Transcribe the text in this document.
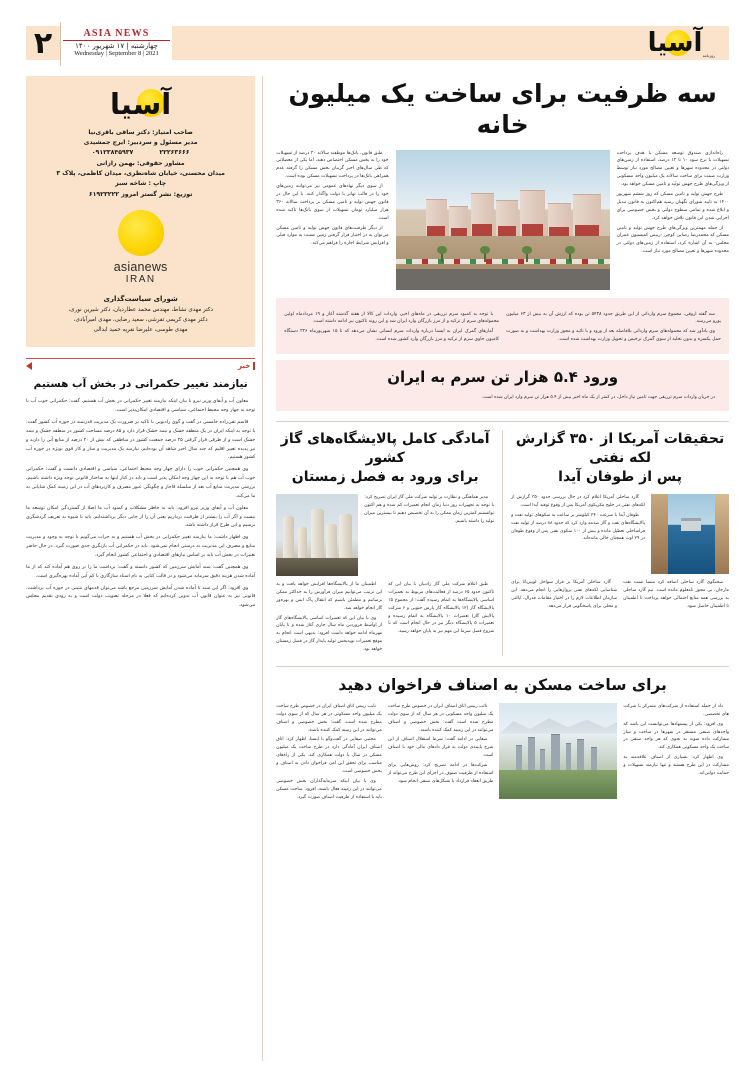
آسیا روزنامه
ASIA NEWS
چهارشنبه | ۱۷ شهریور ۱۴۰۰
Wednesday | September 8 | 2021
۲
سه ظرفیت برای ساخت یک میلیون خانه

راه‌اندازی صندوق توسعه مسکن با هدف پرداخت تسهیلات با نرخ سود ۱۰ تا ۱۲ درصد، استفاده از زمین‌های دولتی در محدوده شهرها و تعیین مصالح مورد نیاز توسط وزارت صمت برای ساخت سالانه یک میلیون واحد مسکونی از ویژگی‌های طرح جهش تولید و تامین مسکن خواهد بود.

طرح جهش تولید و تامین مسکن که روز ششم شهریور ۱۴۰۰ به تایید شورای نگهبان رسید هم‌اکنون به قانون تبدیل و ابلاغ شده و تمامی سطوح دولتی و بخش خصوصی برای اجرایی شدن این قانون تلاش خواهد کرد.

از جمله مهمترین ویژگی‌های طرح جهش تولید و تامین مسکن که محمدرضا رضایی کوچی -رییس کمیسیون عمران مجلس- به آن اشاره کرد، استفاده از زمین‌های دولتی در محدوده شهرها و تعیین مصالح مورد نیاز است.

طبق قانون، بانک‌ها موظفند سالانه ۲۰ درصد از تسهیلات خود را به بخش مسکن اختصاص دهند، اما یکی از معضلاتی که طی سال‌های اخیر گریبان بخش مسکن را گرفته عدم همراهی بانک‌ها در پرداخت تسهیلات مسکن بوده است.

از سوی دیگر نهادهای عمومی نیز می‌توانند زمین‌های خود را در قالب تهاتر با دولت واگذار کنند. با این حال در قانون جهش تولید و تامین مسکن بر پرداخت سالانه ۳۶۰ هزار میلیارد تومان تسهیلات از سوی بانک‌ها تاکید شده است.

از دیگر ظرفیت‌های قانون جهش تولید و تامین مسکن می‌توان به در اختیار قرار گرفتن زمین نسبت به موارد قبلی و افزایش شرایط اجاره را فراهم می‌کند.

سه گفته اروقی، مجموع سرم وارداتی از این طریق حدود ۵۴۳۸ تن بوده که ارزش آن به بیش از ۶۳ میلیون یورو می‌رسد.

وی یادآور شد که محموله‌های سرم وارداتی بلافاصله بعد از ورود و با تائید و مجوز وزارت بهداشت و به صورت حمل یکسره و بدون تخلیه از سوی گمرک ترخیص و تحویل وزارت بهداشت شده است.

با توجه به کمبود سرم تزریقی در ماه‌های اخیر، واردات این کالا از هفته گذشته آغاز و ۱۹ مردادماه اولین محموله‌های سرم از ترکیه و از مرز بازرگان وارد ایران شد و این روند تاکنون نیز ادامه داشته است.

آمارهای گمرک ایران به ایسنا درباره واردات سرم انسانی نشان می‌دهد که تا ۱۵ شهریورماه ۲۲۶ دستگاه کامیون حاوی سرم از ترکیه و مرز بازرگان وارد کشور شده است.

ورود ۵.۴ هزار تن سرم به ایران

در جریان واردات سرم تزریقی جهت تامین نیاز داخل، در کمتر از یک ماه اخیر بیش از ۵.۴ هزار تن سرم وارد ایران شده است.

تحقیقات آمریکا از ۳۵۰ گزارش لکه نفتی
پس از طوفان آیدا

گارد ساحلی آمریکا اعلام کرد در حال بررسی حدود ۳۵۰ گزارش از لکه‌های نفتی در خلیج مکزیکوی آمریکا پس از وقوع توفند آیدا است.

طوفان آیدا با سرعت ۲۴۰ کیلومتر بر ساعت به سکوهای تولید نفت و پالایشگاه‌های نفت و گاز صدمه وارد کرد که حدود ۸۸ درصد از تولید نفت فراساحلی تعطیل مانده و بیش از ۱۰۰ سکوی نفتی پس از وقوع طوفان در ۲۹ اوت همچنان خالی مانده‌اند.

سخنگوی گارد ساحلی اضافه کرد منشا نشت نفت مارجان، بی مجوز نامعلوم مانده است. تیم گارد ساحلی به بررسی همه منابع احتمالی خواهد پرداخت تا اطمینان تا اطمینان حاصل شود.

گارد ساحلی آمریکا بر فراز سواحل لوییزیانا برای شناسایی لکه‌های نفتی پروازهایی را انجام می‌دهد. این سازمان اطلاعات لازم را در اختیار مقامات فدرال، ایالتی و محلی برای پاسخگویی قرار می‌دهد.

آمادگی کامل پالایشگاه‌های گاز کشور
برای ورود به فصل زمستان

مدیر هماهنگی و نظارت بر تولید شرکت ملی گاز ایران تصریح کرد: با توجه به تجهیزات روز دنیا زمان انجام تعمیرات کم شده و هم اکنون توانستیم کمترین زمان ممکن را به آن تخصیص دهیم تا بیشترین میزان تولید را داشته باشیم.

طبق اعلام شرکت ملی گاز زادبیان با بیان این که تاکنون حدود ۶۵ درصد از فعالیت‌های مربوط به تعمیرات اساسی پالایشگاه‌ها به اتمام رسیده گفت: از مجموع ۱۵ پالایشگاه گاز (۱۲ پالایشگاه گاز پارس جنوبی و ۶ شرکت پالایش گاز) تعمیرات ۱۰ پالایشگاه به اتمام رسیده و تعمیرات ۵ پالایشگاه دیگر نیز در حال انجام است که تا شروع فصل سرما این مهم نیز به پایان خواهد رسید.

اطمینان ما از پالایشگاه‌ها افزایش خواهد یافت و به این ترتیب می‌توانیم میزان فرآورش را به حداکثر ممکن برسانیم و مطمئن باشیم که انتقال پاک ایمن و بهره‌ور گاز انجام خواهد شد.

وی با بیان این که تعمیرات اساسی پالایشگاه‌های گاز از اواسط فروردین ماه سال جاری آغاز شده و تا پایان مهرماه ادامه خواهد داشت افزود: بدیهی است انجام به موقع تعمیرات نویدبخش تولید پایدار گاز در فصل زمستان خواهد بود.

برای ساخت مسکن به اصناف فراخوان دهید

داد از جمله استفاده از شرکت‌های متمرکز با شرکت های تخصصی.

وی افزود: یکی از پیشنهادها می‌توانست این باشد که واحدهای صنفی مستقر در شهرها در ساخت و ساز مشارکت داده شوند به نحوی که هر واحد صنفی در ساخت یک واحد مسکونی همکاری کند.

وی اظهار کرد: بسیاری از اصناف علاقه‌مند به مشارکت در این طرح هستند و تنها نیازمند تسهیلات و حمایت دولتی‌اند.

نائب رییس اتاق اصناف ایران در خصوص طرح ساخت یک میلیون واحد مسکونی در هر سال که از سوی دولت مطرح شده است گفت: بخش خصوصی و اصناف می‌توانند در این زمینه کمک کننده باشند.

صفایی در ادامه گفت: شرط استقلال اصناف از این شرح پایبندی دولت به قرار دادهای مالی خود با اصناف است.

شرکت‌ها در ادامه تصریح کرد: روش‌هایی برای استفاده از ظرفیت صنوف در اجرای این طرح می‌تواند از طریق انعقاد قرارداد با تشکل‌های صنفی انجام شود.

نایب رییس اتاق اصناف ایران در خصوص طرح ساخت یک میلیون واحد مسکونی در هر سال که از سوی دولت مطرح شده است، گفت: بخش خصوصی و اصناف می‌توانند در این زمینه کمک کننده باشند.

مجتبی صفایی در گفت‌وگو با ایسنا، اظهار کرد: اتاق اصناف ایران آمادگی دارد در طرح ساخت یک میلیون مسکن در سال با دولت همکاری کند. یکی از راه‌های مناسب برای تحقق این امر، فراخوان دادن به اصناف و بخش خصوصی است.

وی با بیان اینکه سرمایه‌گذاران بخش خصوصی می‌توانند در این زمینه فعال باشند، افزود: ساخت مسکن باید با استفاده از ظرفیت اصناف صورت گیرد.

آسیا
صاحب امتیاز: دکتر ساقی باقری‌نیا
مدیر مسئول و سردبیر: ایرج جمشیدی
۲۲۲۶۳۶۶۶
۰۹۱۲۳۸۴۵۹۳۷
مشاور حقوقی: بهمن رازانی
میدان محسنی، خیابان شاه‌نظری، میدان کاظمی، پلاک ۳
چاپ : شاخه سبز
توزیع: نشر گستر امروز ۶۱۹۲۳۲۲۲
asianews
IRAN
شورای سیاست‌گذاری
دکتر مهدی نشاط، مهندس محمد عطاردیان، دکتر شیرین نوری،
دکتر مهدی کریمی تفرشی، سعید رضایی، مهدی امیرآبادی،
مهدی طوسی، علیرضا نفریه حمید ابدالی
خبر
نیازمند تغییر حکمرانی در بخش آب هستیم

معاون آب و آبفای وزیر نیرو با بیان اینکه نیازمند تغییر حکمرانی در بخش آب هستیم، گفت: حکمرانی خوب آب با توجه به چهار وجه محیط اجتماعی، سیاسی و اقتصادی امکان‌پذیر است.

قاسم تقی‌زاده خامسی در گفت و گوی رادیویی با تاکید بر ضرورت یک مدیریت قدرتمند در حوزه آب کشور گفت: با توجه به اینکه ایران در یک منطقه خشک و نیمه خشک قرار دارد و ۸۵ درصد مساحت کشور در منطقه خشک و نیمه خشک است و از طرفی قرار گرفتن ۴۵ درصد جمعیت کشور در مناطقی که بیش از ۲۰ درصد از منابع آبی را دارند و نیز پدیده تغییر اقلیم که چند سال اخیر شاهد آن بوده‌ایم، نیازمند یک مدیریت و ساز و کار قوی بویژه در حوزه آب کشور هستیم.

وی همچنین حکمرانی خوب را دارای چهار وجه محیط اجتماعی، سیاسی و اقتصادی دانست و گفت: حکمرانی خوب آب هم با توجه به این چهار وجه امکان پذیر است و باید در کنار اینها به ساختار قانونی توجه ویژه داشته باشیم، بررسی مدیریت منابع آب بعد از سلسله قاجار و چگونگی عبور مصرف و کاربردهای آب در این زمینه کمک شایانی به ما می‌کند.

معاون آب و آبفای وزیر نیرو افزود: باید به خاطر مشکلات و کمبود آب ما اصلا از گستردگی امکان توسعه ما نیست و اگر آب را بیشتر از ظرفیت برداریم یعنی آن را از جایی دیگر برداشته‌ایم. باید با شیوه به تعریف گردشگری برسیم و این طرح قرار داشته باشد.

وی اظهار داشت: ما نیازمند تغییر حکمرانی در بخش آب هستیم و به جرات می‌گویم با توجه به وجود و مدیریت منابع و مصرف این مدیریت به درستی انجام نمی‌شود. باید در حکمرانی آب بازنگری جدی صورت گیرد. در حال حاضر تغییرات در بخش آب باید بر اساس نیازهای اقتصادی و اجتماعی کشور انجام گیرد.

وی همچنین گفت: سند آمایش سرزمین که کشور دانسته و گفت: برداشت ما را بر روی هم آماده کند که از ما آماده شدن هزینه دقیق سرمایه می‌شود و در قالب کتابی به نام اسناد سازگاری با کم آبی آماده بهره‌گیری است.

وی افزود: اگر این سند تا آماده شدن آمایش سرزمین مرجع باشد می‌توان قدمهای متینی در حوزه آب برداشت. قانونی نیز به عنوان قانون آب تدوین کرده‌ایم که فعلا در مرحله تصویب دولت است و به زودی تقدیم مجلس می‌شود.
